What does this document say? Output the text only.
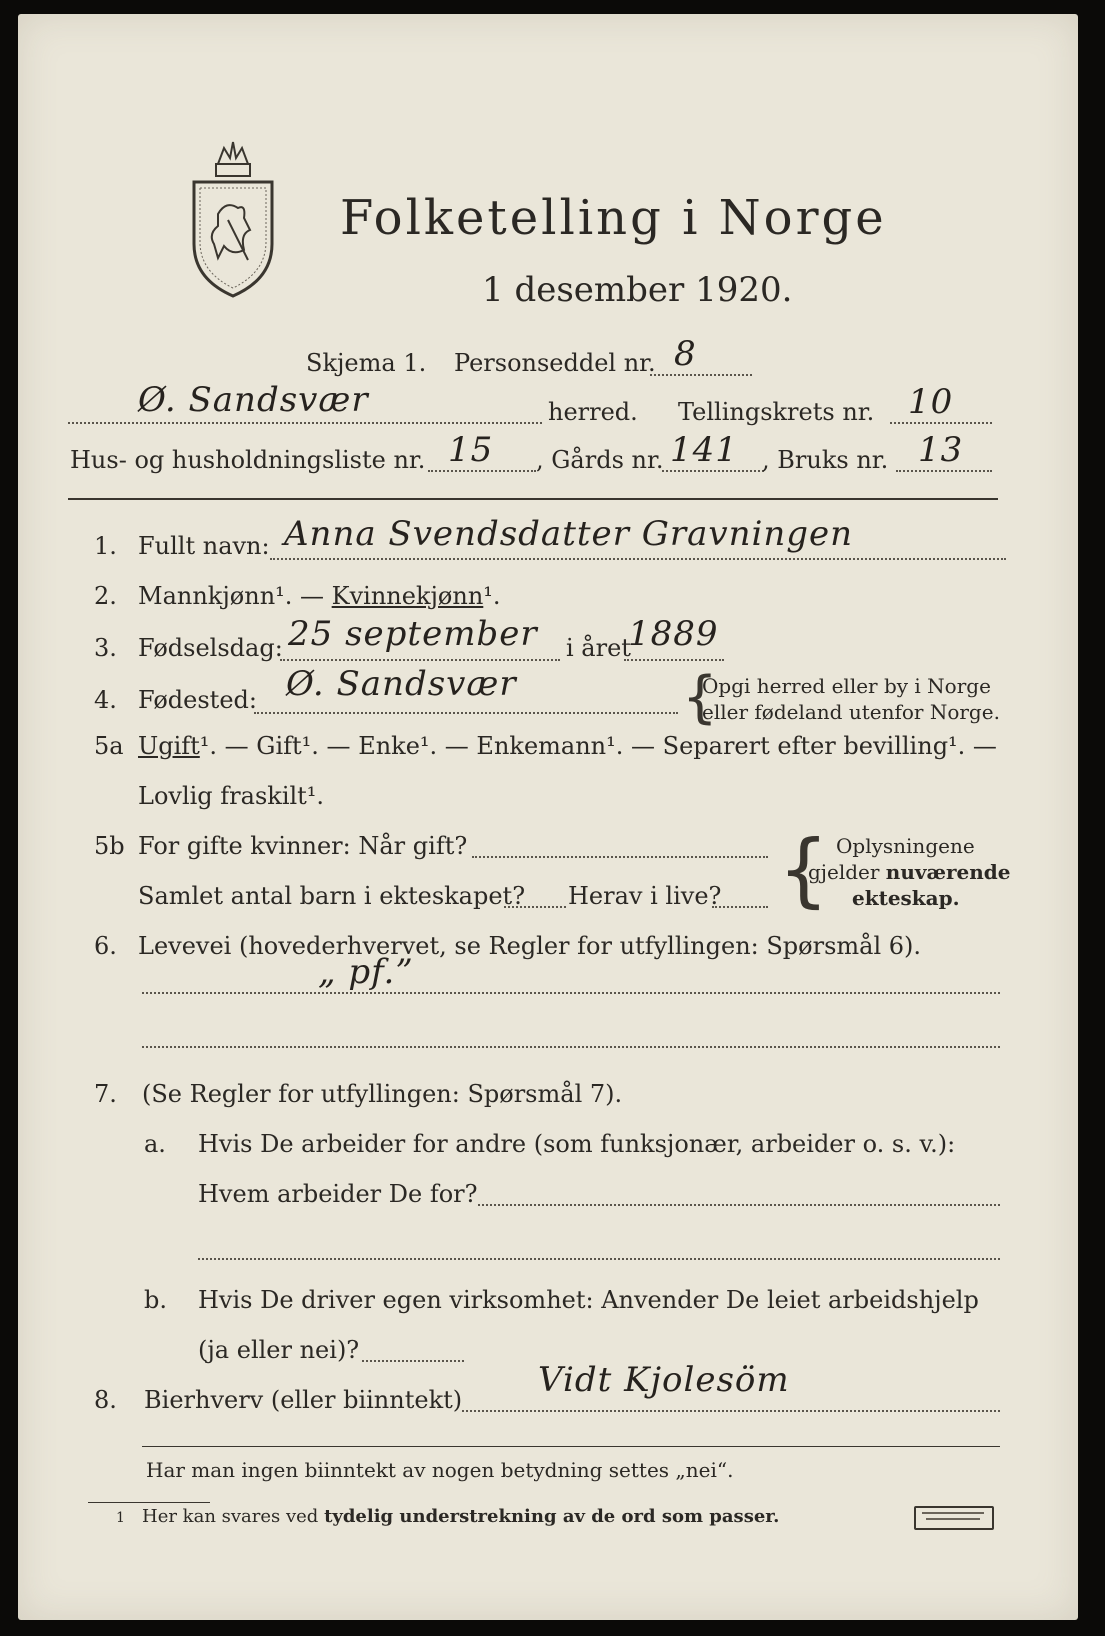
Folketelling i Norge
1 desember 1920.
Skjema 1. Personseddel nr. 8
Ø. Sandsvær	herred. Tellingskrets nr. 10
Hus- og husholdningsliste nr. 15 , Gårds nr. 141 , Bruks nr. 13
1. Fullt navn: Anna Svendsdatter Gravningen
2. Mannkjønn¹. — Kvinnekjønn¹.
3. Fødselsdag: 25 september i året
1889
4. Fødested: Ø. Sandsvær	{
Opgi herred eller by i Norge
eller fødeland utenfor Norge.
5a Ugift¹. — Gift¹. — Enke¹. — Enkemann¹. — Separert efter bevilling¹. —
Lovlig fraskilt¹.
5b For gifte kvinner: Når gift?
Samlet antal barn i ekteskapet? Herav i live? { Oplysningene
gjelder nuværende
ekteskap.
6. Levevei (hovederhvervet, se Regler for utfyllingen: Spørsmål 6).
„ pf.”
7. (Se Regler for utfyllingen: Spørsmål 7).
a. Hvis De arbeider for andre (som funksjonær, arbeider o. s. v.):
Hvem arbeider De for?
b. Hvis De driver egen virksomhet: Anvender De leiet arbeidshjelp
(ja eller nei)?
8. Bierhverv (eller biinntekt) Vidt Kjolesöm
Har man ingen biinntekt av nogen betydning settes „nei“.
1 Her kan svares ved tydelig understrekning av de ord som passer.
